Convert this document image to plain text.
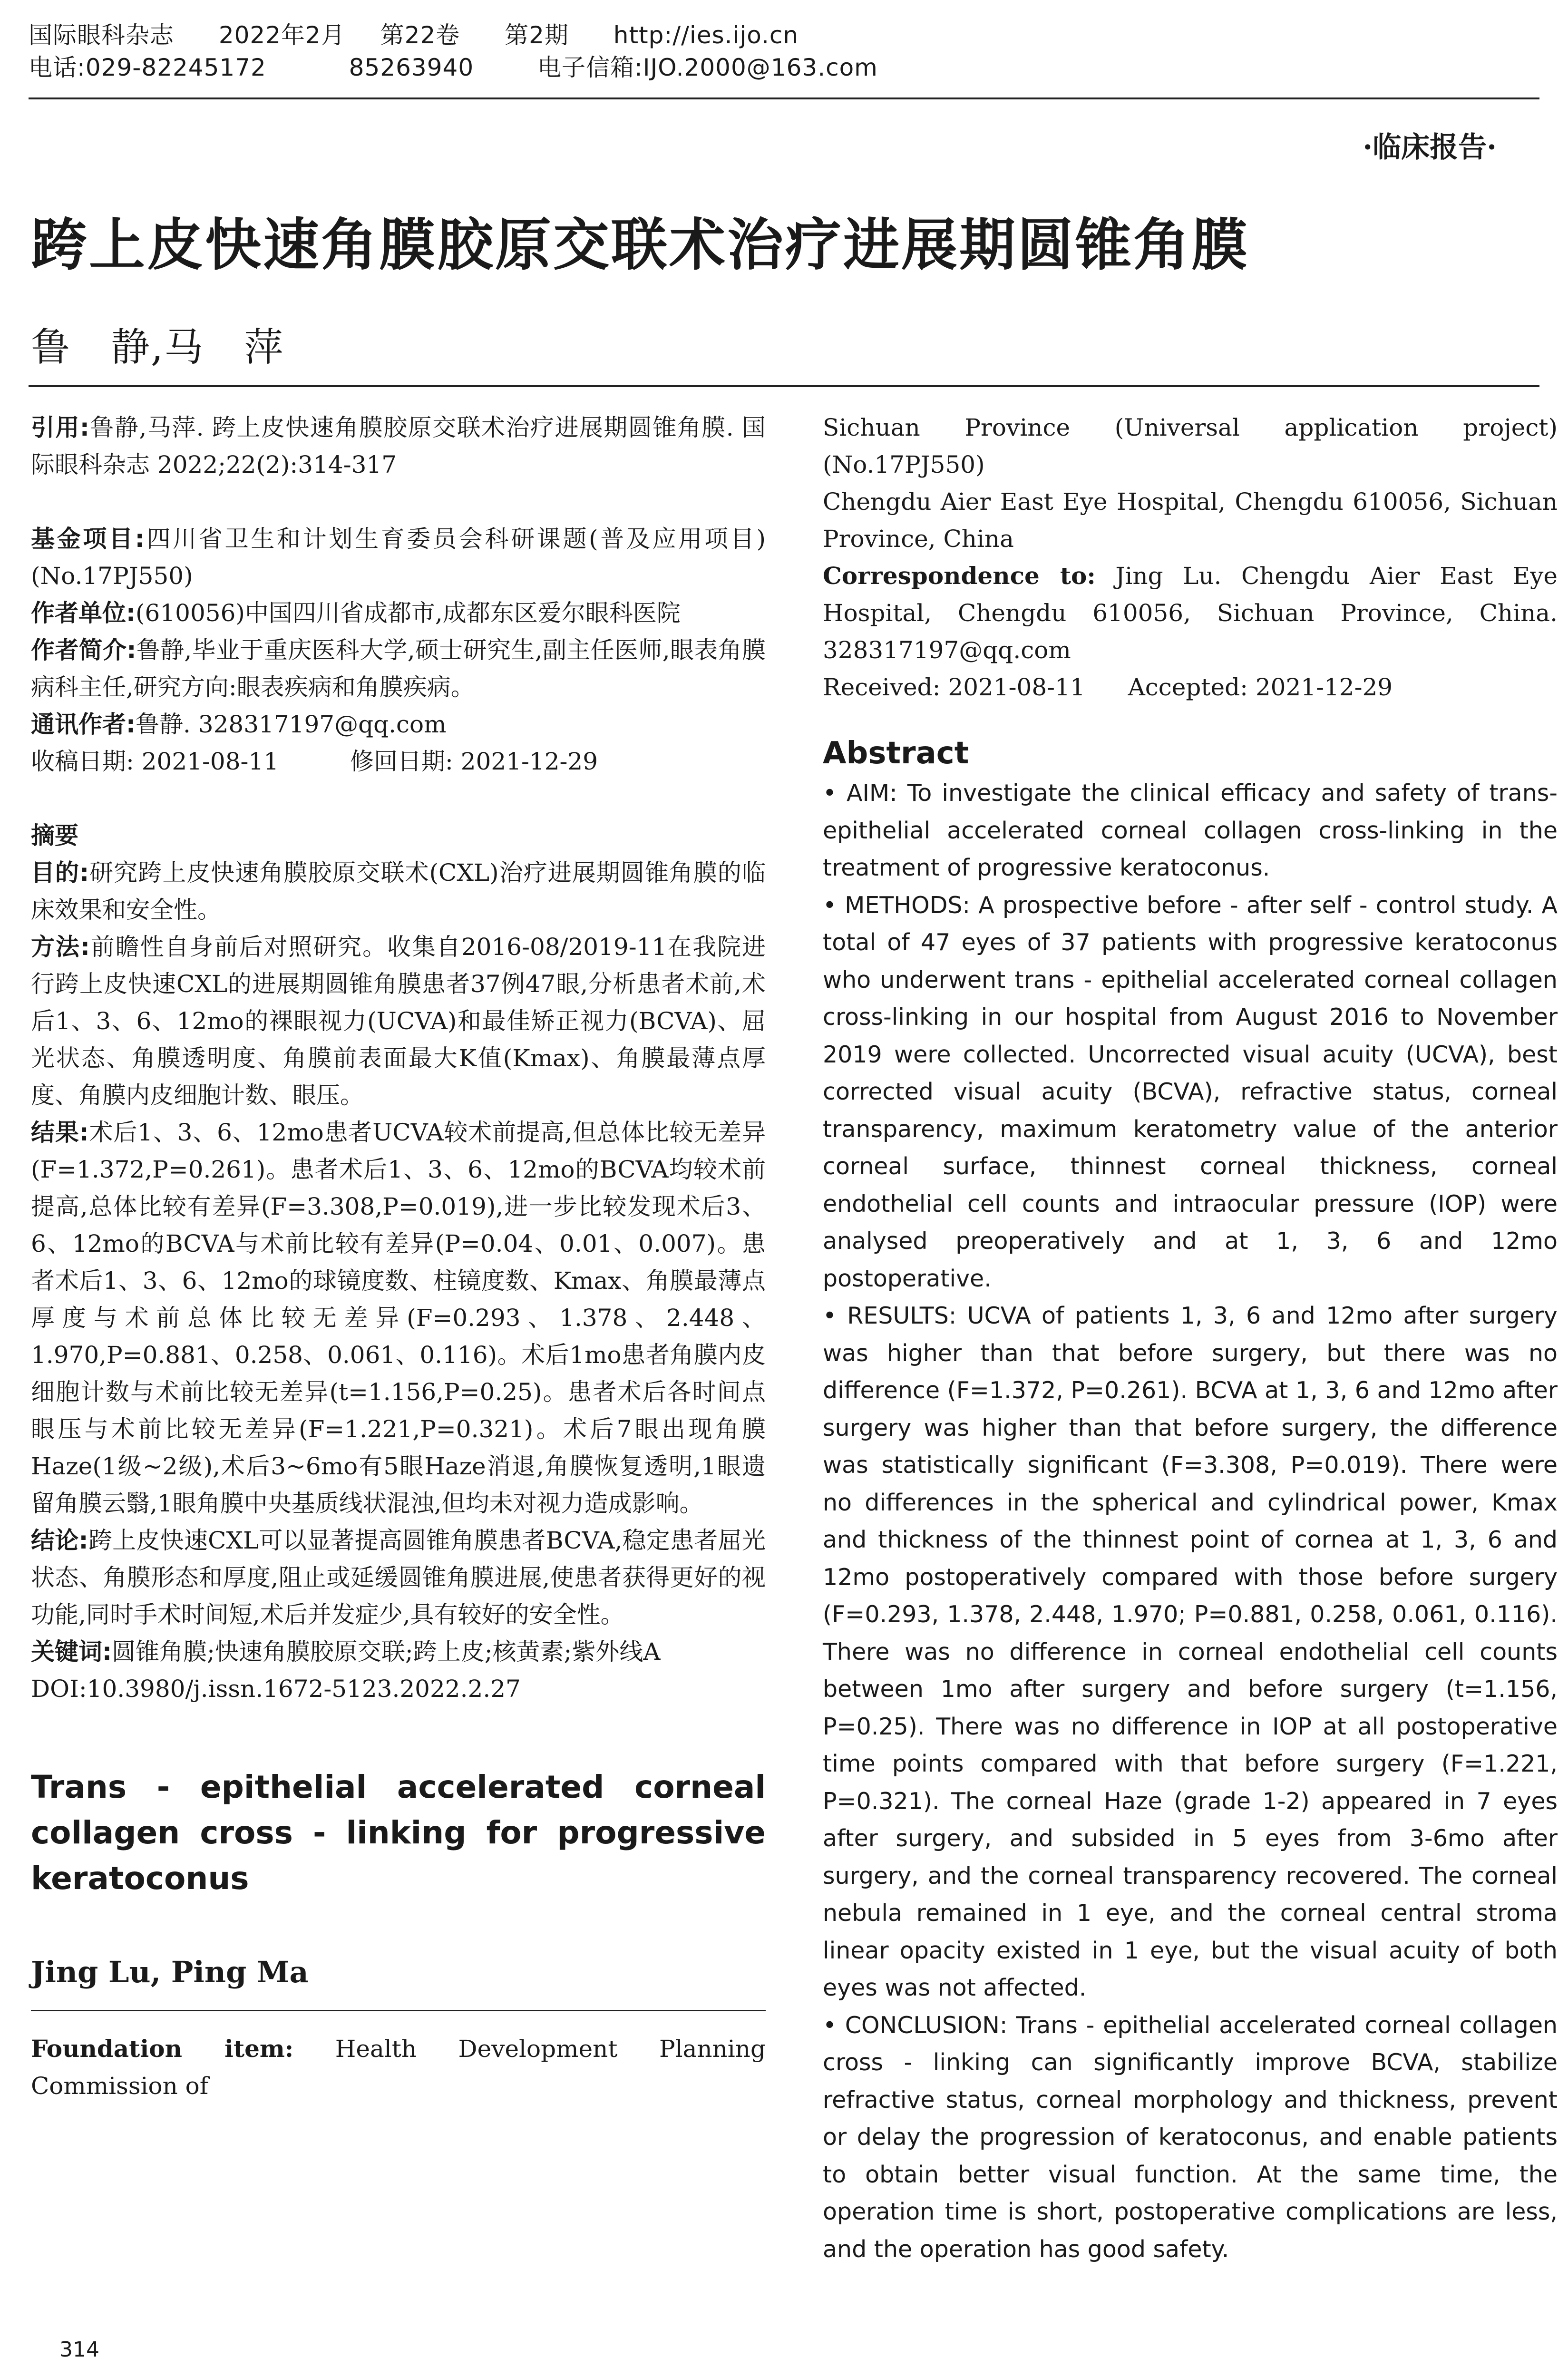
国际眼科杂志 2022年2月 第22卷 第2期 http://ies.ijo.cn
电话:029-82245172	85263940	电子信箱:IJO.2000@163.com
·临床报告·
跨上皮快速角膜胶原交联术治疗进展期圆锥角膜
鲁　静,马　萍

引用:鲁静,马萍. 跨上皮快速角膜胶原交联术治疗进展期圆锥角膜. 国际眼科杂志 2022;22(2):314-317

基金项目:四川省卫生和计划生育委员会科研课题(普及应用项目)(No.17PJ550)

作者单位:(610056)中国四川省成都市,成都东区爱尔眼科医院

作者简介:鲁静,毕业于重庆医科大学,硕士研究生,副主任医师,眼表角膜病科主任,研究方向:眼表疾病和角膜疾病。

通讯作者:鲁静. 328317197@qq.com

收稿日期: 2021-08-11	修回日期: 2021-12-29

摘要

目的:研究跨上皮快速角膜胶原交联术(CXL)治疗进展期圆锥角膜的临床效果和安全性。

方法:前瞻性自身前后对照研究。收集自2016-08/2019-11在我院进行跨上皮快速CXL的进展期圆锥角膜患者37例47眼,分析患者术前,术后1、3、6、12mo的裸眼视力(UCVA)和最佳矫正视力(BCVA)、屈光状态、角膜透明度、角膜前表面最大K值(Kmax)、角膜最薄点厚度、角膜内皮细胞计数、眼压。

结果:术后1、3、6、12mo患者UCVA较术前提高,但总体比较无差异(F=1.372,P=0.261)。患者术后1、3、6、12mo的BCVA均较术前提高,总体比较有差异(F=3.308,P=0.019),进一步比较发现术后3、6、12mo的BCVA与术前比较有差异(P=0.04、0.01、0.007)。患者术后1、3、6、12mo的球镜度数、柱镜度数、Kmax、角膜最薄点厚度与术前总体比较无差异(F=0.293、1.378、2.448、1.970,P=0.881、0.258、0.061、0.116)。术后1mo患者角膜内皮细胞计数与术前比较无差异(t=1.156,P=0.25)。患者术后各时间点眼压与术前比较无差异(F=1.221,P=0.321)。术后7眼出现角膜Haze(1级~2级),术后3~6mo有5眼Haze消退,角膜恢复透明,1眼遗留角膜云翳,1眼角膜中央基质线状混浊,但均未对视力造成影响。

结论:跨上皮快速CXL可以显著提高圆锥角膜患者BCVA,稳定患者屈光状态、角膜形态和厚度,阻止或延缓圆锥角膜进展,使患者获得更好的视功能,同时手术时间短,术后并发症少,具有较好的安全性。

关键词:圆锥角膜;快速角膜胶原交联;跨上皮;核黄素;紫外线A

DOI:10.3980/j.issn.1672-5123.2022.2.27

Trans - epithelial accelerated corneal collagen cross - linking for progressive keratoconus

Jing Lu, Ping Ma

Foundation item: Health Development Planning Commission of

Sichuan Province (Universal application project) (No.17PJ550)

Chengdu Aier East Eye Hospital, Chengdu 610056, Sichuan Province, China

Correspondence to: Jing Lu. Chengdu Aier East Eye Hospital, Chengdu 610056, Sichuan Province, China. 328317197@qq.com

Received: 2021-08-11 Accepted: 2021-12-29

Abstract

• AIM: To investigate the clinical efficacy and safety of trans-epithelial accelerated corneal collagen cross-linking in the treatment of progressive keratoconus.

• METHODS: A prospective before - after self - control study. A total of 47 eyes of 37 patients with progressive keratoconus who underwent trans - epithelial accelerated corneal collagen cross-linking in our hospital from August 2016 to November 2019 were collected. Uncorrected visual acuity (UCVA), best corrected visual acuity (BCVA), refractive status, corneal transparency, maximum keratometry value of the anterior corneal surface, thinnest corneal thickness, corneal endothelial cell counts and intraocular pressure (IOP) were analysed preoperatively and at 1, 3, 6 and 12mo postoperative.

• RESULTS: UCVA of patients 1, 3, 6 and 12mo after surgery was higher than that before surgery, but there was no difference (F=1.372, P=0.261). BCVA at 1, 3, 6 and 12mo after surgery was higher than that before surgery, the difference was statistically significant (F=3.308, P=0.019). There were no differences in the spherical and cylindrical power, Kmax and thickness of the thinnest point of cornea at 1, 3, 6 and 12mo postoperatively compared with those before surgery (F=0.293, 1.378, 2.448, 1.970; P=0.881, 0.258, 0.061, 0.116). There was no difference in corneal endothelial cell counts between 1mo after surgery and before surgery (t=1.156, P=0.25). There was no difference in IOP at all postoperative time points compared with that before surgery (F=1.221, P=0.321). The corneal Haze (grade 1-2) appeared in 7 eyes after surgery, and subsided in 5 eyes from 3-6mo after surgery, and the corneal transparency recovered. The corneal nebula remained in 1 eye, and the corneal central stroma linear opacity existed in 1 eye, but the visual acuity of both eyes was not affected.

• CONCLUSION: Trans - epithelial accelerated corneal collagen cross - linking can significantly improve BCVA, stabilize refractive status, corneal morphology and thickness, prevent or delay the progression of keratoconus, and enable patients to obtain better visual function. At the same time, the operation time is short, postoperative complications are less, and the operation has good safety.

314
